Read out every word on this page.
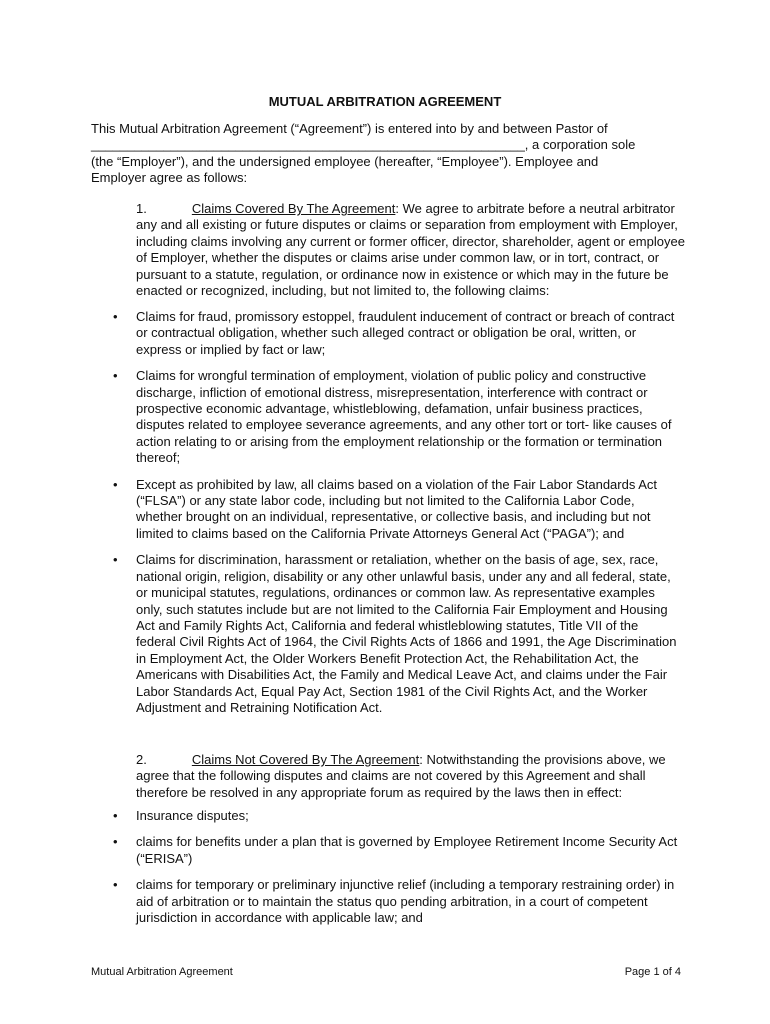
MUTUAL ARBITRATION AGREEMENT
This Mutual Arbitration Agreement (“Agreement”) is entered into by and between Pastor of
____________________________________________________________, a corporation sole
(the “Employer”), and the undersigned employee (hereafter, “Employee”). Employee and
Employer agree as follows:

1.	Claims Covered By The Agreement: We agree to arbitrate before a neutral arbitrator any and all existing or future disputes or claims or separation from employment with Employer, including claims involving any current or former officer, director, shareholder, agent or employee of Employer, whether the disputes or claims arise under common law, or in tort, contract, or pursuant to a statute, regulation, or ordinance now in existence or which may in the future be enacted or recognized, including, but not limited to, the following claims:

• Claims for fraud, promissory estoppel, fraudulent inducement of contract or breach of contract or contractual obligation, whether such alleged contract or obligation be oral, written, or express or implied by fact or law;
• Claims for wrongful termination of employment, violation of public policy and constructive discharge, infliction of emotional distress, misrepresentation, interference with contract or prospective economic advantage, whistleblowing, defamation, unfair business practices, disputes related to employee severance agreements, and any other tort or tort- like causes of action relating to or arising from the employment relationship or the formation or termination thereof;
• Except as prohibited by law, all claims based on a violation of the Fair Labor Standards Act (“FLSA”) or any state labor code, including but not limited to the California Labor Code, whether brought on an individual, representative, or collective basis, and including but not limited to claims based on the California Private Attorneys General Act (“PAGA”); and
• Claims for discrimination, harassment or retaliation, whether on the basis of age, sex, race, national origin, religion, disability or any other unlawful basis, under any and all federal, state, or municipal statutes, regulations, ordinances or common law. As representative examples only, such statutes include but are not limited to the California Fair Employment and Housing Act and Family Rights Act, California and federal whistleblowing statutes, Title VII of the federal Civil Rights Act of 1964, the Civil Rights Acts of 1866 and 1991, the Age Discrimination in Employment Act, the Older Workers Benefit Protection Act, the Rehabilitation Act, the Americans with Disabilities Act, the Family and Medical Leave Act, and claims under the Fair Labor Standards Act, Equal Pay Act, Section 1981 of the Civil Rights Act, and the Worker Adjustment and Retraining Notification Act.

2.	Claims Not Covered By The Agreement: Notwithstanding the provisions above, we agree that the following disputes and claims are not covered by this Agreement and shall therefore be resolved in any appropriate forum as required by the laws then in effect:

• Insurance disputes;
• claims for benefits under a plan that is governed by Employee Retirement Income Security Act (“ERISA”)
• claims for temporary or preliminary injunctive relief (including a temporary restraining order) in aid of arbitration or to maintain the status quo pending arbitration, in a court of competent jurisdiction in accordance with applicable law; and
Mutual Arbitration Agreement	Page 1 of 4
